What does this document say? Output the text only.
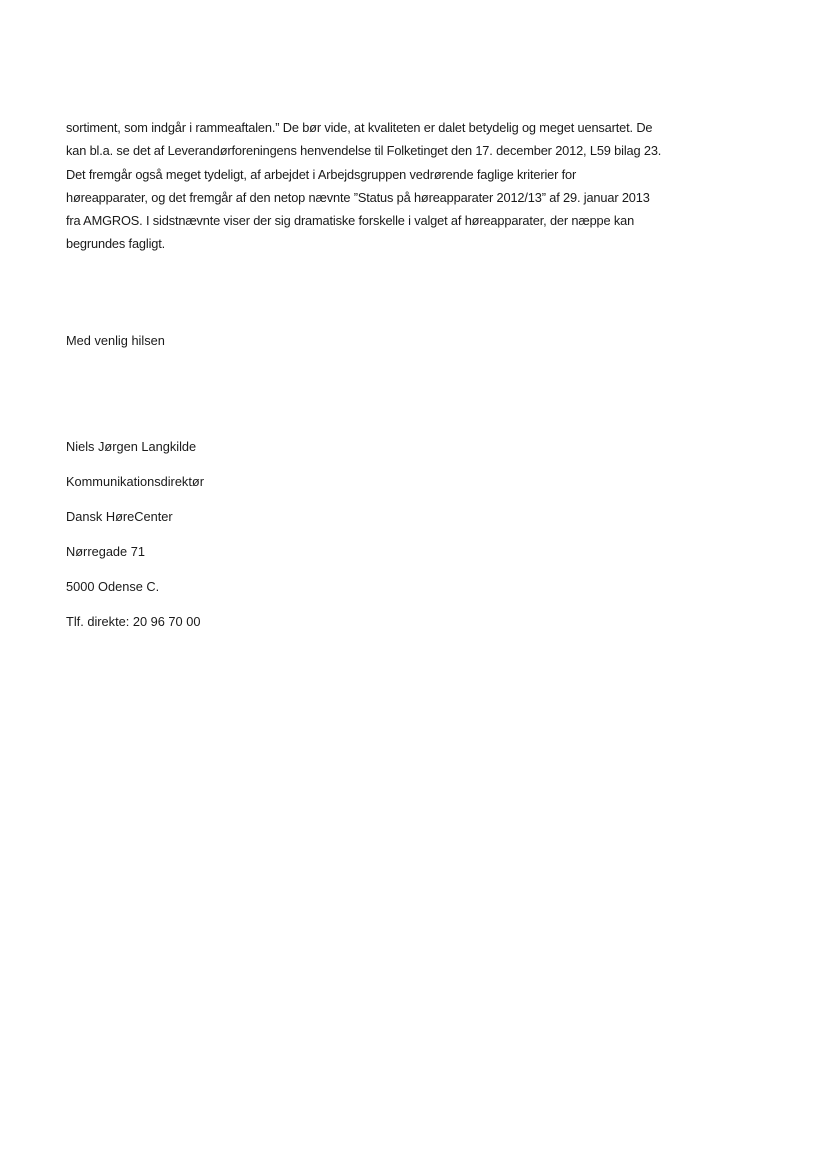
sortiment, som indgår i rammeaftalen.” De bør vide, at kvaliteten er dalet betydelig og meget uensartet. De
kan bl.a. se det af Leverandørforeningens henvendelse til Folketinget den 17. december 2012, L59 bilag 23.
Det fremgår også meget tydeligt, af arbejdet i Arbejdsgruppen vedrørende faglige kriterier for
høreapparater, og det fremgår af den netop nævnte ”Status på høreapparater 2012/13” af 29. januar 2013
fra AMGROS. I sidstnævnte viser der sig dramatiske forskelle i valget af høreapparater, der næppe kan
begrundes fagligt.
Med venlig hilsen
Niels Jørgen Langkilde
Kommunikationsdirektør
Dansk HøreCenter
Nørregade 71
5000 Odense C.
Tlf. direkte: 20 96 70 00
